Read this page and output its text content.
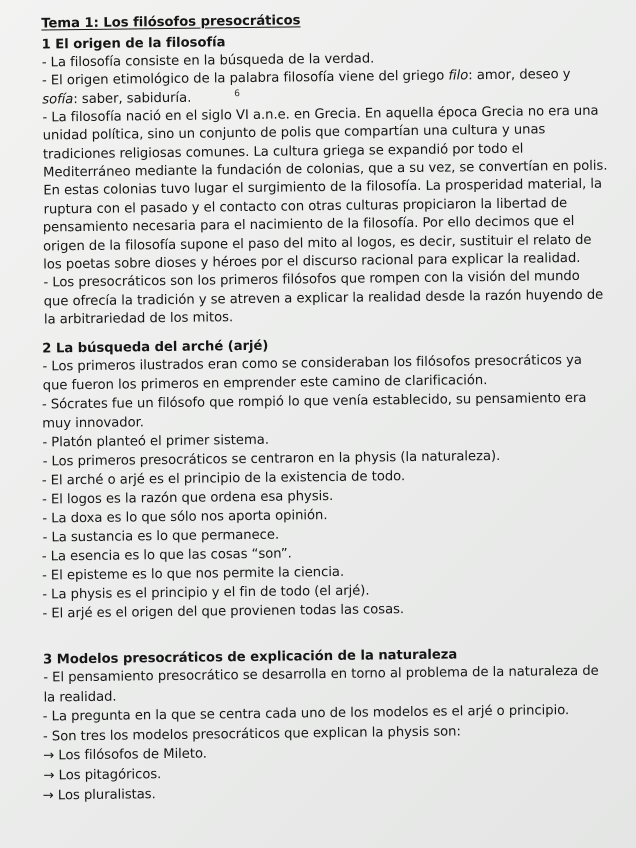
Tema 1: Los filósofos presocráticos
1 El origen de la filosofía
- La filosofía consiste en la búsqueda de la verdad.
- El origen etimológico de la palabra filosofía viene del griego filo: amor, deseo y
sofía: saber, sabiduría.
- La filosofía nació en el siglo VI a.n.e. en Grecia. En aquella época Grecia no era una
unidad política, sino un conjunto de polis que compartían una cultura y unas
tradiciones religiosas comunes. La cultura griega se expandió por todo el
Mediterráneo mediante la fundación de colonias, que a su vez, se convertían en polis.
En estas colonias tuvo lugar el surgimiento de la filosofía. La prosperidad material, la
ruptura con el pasado y el contacto con otras culturas propiciaron la libertad de
pensamiento necesaria para el nacimiento de la filosofía. Por ello decimos que el
origen de la filosofía supone el paso del mito al logos, es decir, sustituir el relato de
los poetas sobre dioses y héroes por el discurso racional para explicar la realidad.
- Los presocráticos son los primeros filósofos que rompen con la visión del mundo
que ofrecía la tradición y se atreven a explicar la realidad desde la razón huyendo de
la arbitrariedad de los mitos.
2 La búsqueda del arché (arjé)
- Los primeros ilustrados eran como se consideraban los filósofos presocráticos ya
que fueron los primeros en emprender este camino de clarificación.
- Sócrates fue un filósofo que rompió lo que venía establecido, su pensamiento era
muy innovador.
- Platón planteó el primer sistema.
- Los primeros presocráticos se centraron en la physis (la naturaleza).
- El arché o arjé es el principio de la existencia de todo.
- El logos es la razón que ordena esa physis.
- La doxa es lo que sólo nos aporta opinión.
- La sustancia es lo que permanece.
- La esencia es lo que las cosas “son”.
- El episteme es lo que nos permite la ciencia.
- La physis es el principio y el fin de todo (el arjé).
- El arjé es el origen del que provienen todas las cosas.
3 Modelos presocráticos de explicación de la naturaleza
- El pensamiento presocrático se desarrolla en torno al problema de la naturaleza de
la realidad.
- La pregunta en la que se centra cada uno de los modelos es el arjé o principio.
- Son tres los modelos presocráticos que explican la physis son:
→ Los filósofos de Mileto.
→ Los pitagóricos.
→ Los pluralistas.
6
